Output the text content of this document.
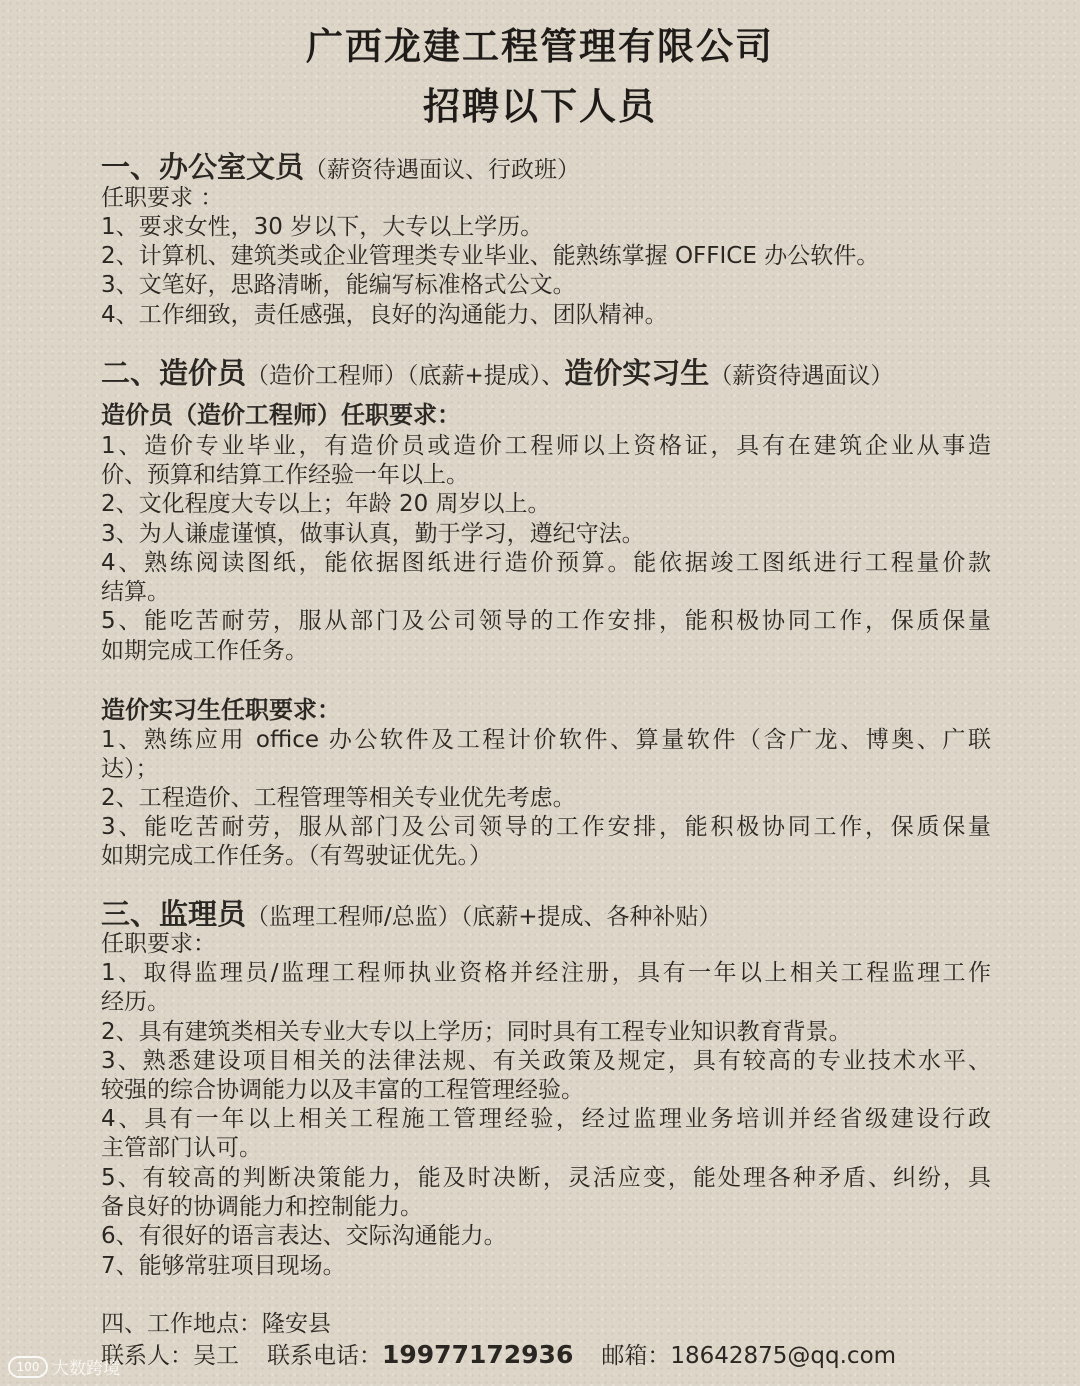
广西龙建工程管理有限公司
招聘以下人员
一、办公室文员（薪资待遇面议、行政班）
任职要求 ：
1、要求女性，30 岁以下，大专以上学历。
2、计算机、建筑类或企业管理类专业毕业、能熟练掌握 OFFICE 办公软件。
3、文笔好，思路清晰，能编写标准格式公文。
4、工作细致，责任感强，良好的沟通能力、团队精神。
二、造价员（造价工程师）（底薪+提成）、造价实习生（薪资待遇面议）
造价员（造价工程师）任职要求：
1、造价专业毕业，有造价员或造价工程师以上资格证，具有在建筑企业从事造
价、预算和结算工作经验一年以上。
2、文化程度大专以上；年龄 20 周岁以上。
3、为人谦虚谨慎，做事认真，勤于学习，遵纪守法。
4、熟练阅读图纸，能依据图纸进行造价预算。能依据竣工图纸进行工程量价款
结算。
5、能吃苦耐劳，服从部门及公司领导的工作安排，能积极协同工作，保质保量
如期完成工作任务。
造价实习生任职要求：
1、熟练应用 office 办公软件及工程计价软件、算量软件（含广龙、博奥、广联
达）；
2、工程造价、工程管理等相关专业优先考虑。
3、能吃苦耐劳，服从部门及公司领导的工作安排，能积极协同工作，保质保量
如期完成工作任务。（有驾驶证优先。）
三、监理员（监理工程师/总监）（底薪+提成、各种补贴）
任职要求：
1、取得监理员/监理工程师执业资格并经注册，具有一年以上相关工程监理工作
经历。
2、具有建筑类相关专业大专以上学历；同时具有工程专业知识教育背景。
3、熟悉建设项目相关的法律法规、有关政策及规定，具有较高的专业技术水平、
较强的综合协调能力以及丰富的工程管理经验。
4、具有一年以上相关工程施工管理经验，经过监理业务培训并经省级建设行政
主管部门认可。
5、有较高的判断决策能力，能及时决断，灵活应变，能处理各种矛盾、纠纷，具
备良好的协调能力和控制能力。
6、有很好的语言表达、交际沟通能力。
7、能够常驻项目现场。
四、工作地点：隆安县
联系人：吴工 联系电话：19977172936 邮箱：18642875@qq.com
100 大数跨境
